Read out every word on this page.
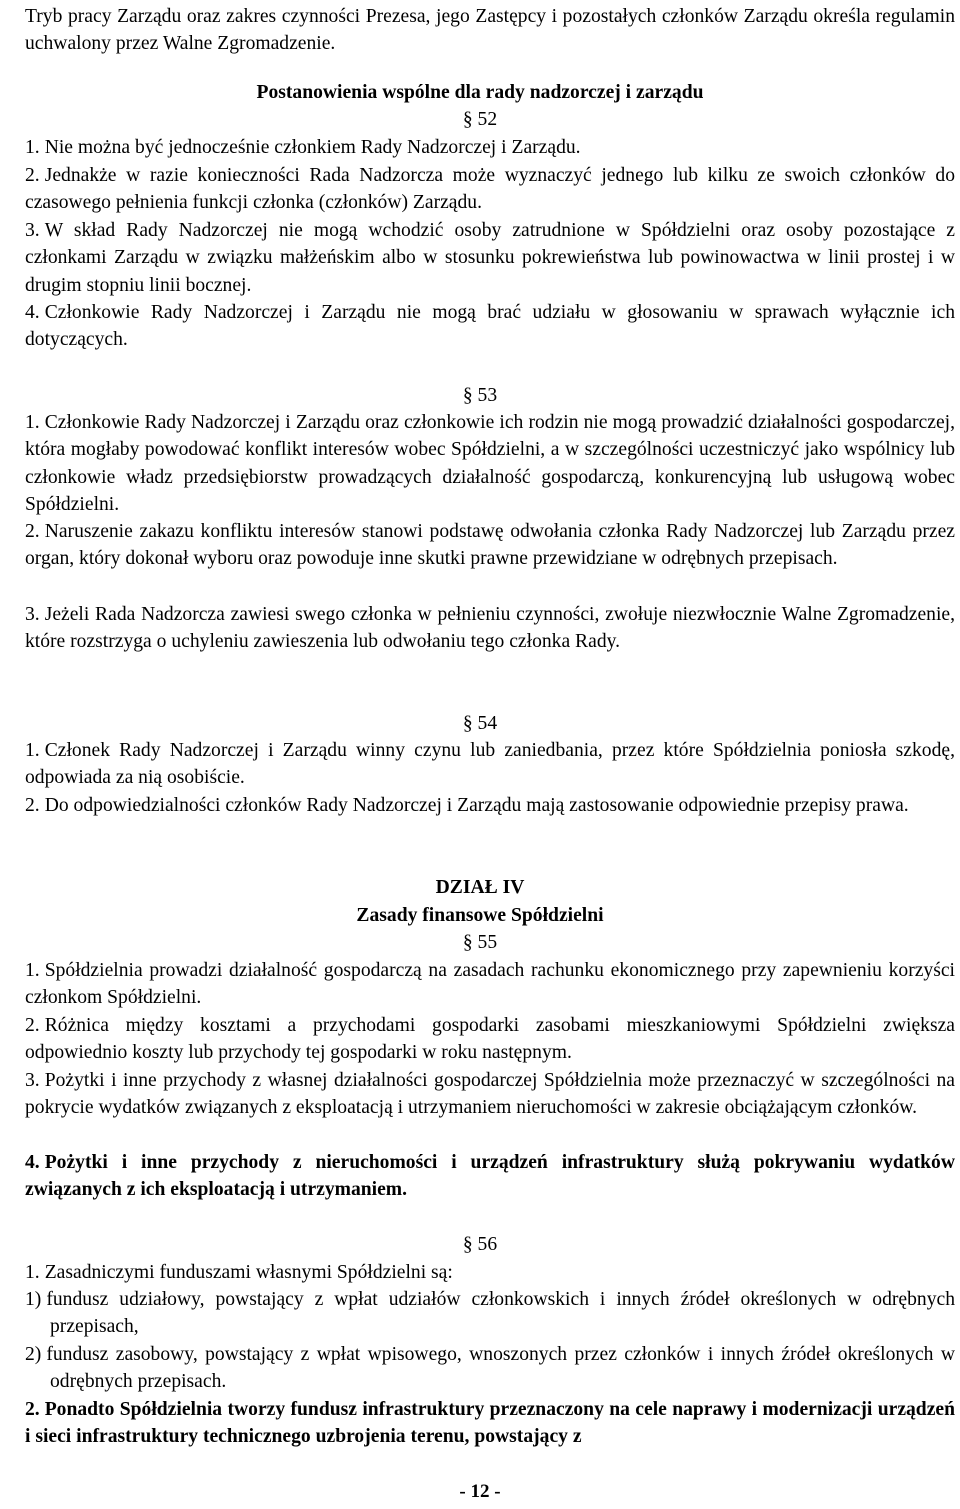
Tryb pracy Zarządu oraz zakres czynności Prezesa, jego Zastępcy i pozostałych członków Zarządu określa regulamin uchwalony przez Walne Zgromadzenie.

Postanowienia wspólne dla rady nadzorczej i zarządu

§ 52

1. Nie można być jednocześnie członkiem Rady Nadzorczej i Zarządu.

2. Jednakże w razie konieczności Rada Nadzorcza może wyznaczyć jednego lub kilku ze swoich członków do czasowego pełnienia funkcji członka (członków) Zarządu.

3. W skład Rady Nadzorczej nie mogą wchodzić osoby zatrudnione w Spółdzielni oraz osoby pozostające z członkami Zarządu w związku małżeńskim albo w stosunku pokrewieństwa lub powinowactwa w linii prostej i w drugim stopniu linii bocznej.

4. Członkowie Rady Nadzorczej i Zarządu nie mogą brać udziału w głosowaniu w sprawach wyłącznie ich dotyczących.

§ 53

1. Członkowie Rady Nadzorczej i Zarządu oraz członkowie ich rodzin nie mogą prowadzić działalności gospodarczej, która mogłaby powodować konflikt interesów wobec Spółdzielni, a w szczególności uczestniczyć jako wspólnicy lub członkowie władz przedsiębiorstw prowadzących działalność gospodarczą, konkurencyjną lub usługową wobec Spółdzielni.

2. Naruszenie zakazu konfliktu interesów stanowi podstawę odwołania członka Rady Nadzorczej lub Zarządu przez organ, który dokonał wyboru oraz powoduje inne skutki prawne przewidziane w odrębnych przepisach.

3. Jeżeli Rada Nadzorcza zawiesi swego członka w pełnieniu czynności, zwołuje niezwłocznie Walne Zgromadzenie, które rozstrzyga o uchyleniu zawieszenia lub odwołaniu tego członka Rady.

§ 54

1. Członek Rady Nadzorczej i Zarządu winny czynu lub zaniedbania, przez które Spółdzielnia poniosła szkodę, odpowiada za nią osobiście.

2. Do odpowiedzialności członków Rady Nadzorczej i Zarządu mają zastosowanie odpowiednie przepisy prawa.

DZIAŁ IV

Zasady finansowe Spółdzielni

§ 55

1. Spółdzielnia prowadzi działalność gospodarczą na zasadach rachunku ekonomicznego przy zapewnieniu korzyści członkom Spółdzielni.

2. Różnica między kosztami a przychodami gospodarki zasobami mieszkaniowymi Spółdzielni zwiększa odpowiednio koszty lub przychody tej gospodarki w roku następnym.

3. Pożytki i inne przychody z własnej działalności gospodarczej Spółdzielnia może przeznaczyć w szczególności na pokrycie wydatków związanych z eksploatacją i utrzymaniem nieruchomości w zakresie obciążającym członków.

4. Pożytki i inne przychody z nieruchomości i urządzeń infrastruktury służą pokrywaniu wydatków związanych z ich eksploatacją i utrzymaniem.

§ 56

1. Zasadniczymi funduszami własnymi Spółdzielni są:

1) fundusz udziałowy, powstający z wpłat udziałów członkowskich i innych źródeł określonych w odrębnych przepisach,

2) fundusz zasobowy, powstający z wpłat wpisowego, wnoszonych przez członków i innych źródeł określonych w odrębnych przepisach.

2. Ponadto Spółdzielnia tworzy fundusz infrastruktury przeznaczony na cele naprawy i modernizacji urządzeń i sieci infrastruktury technicznego uzbrojenia terenu, powstający z

- 12 -
